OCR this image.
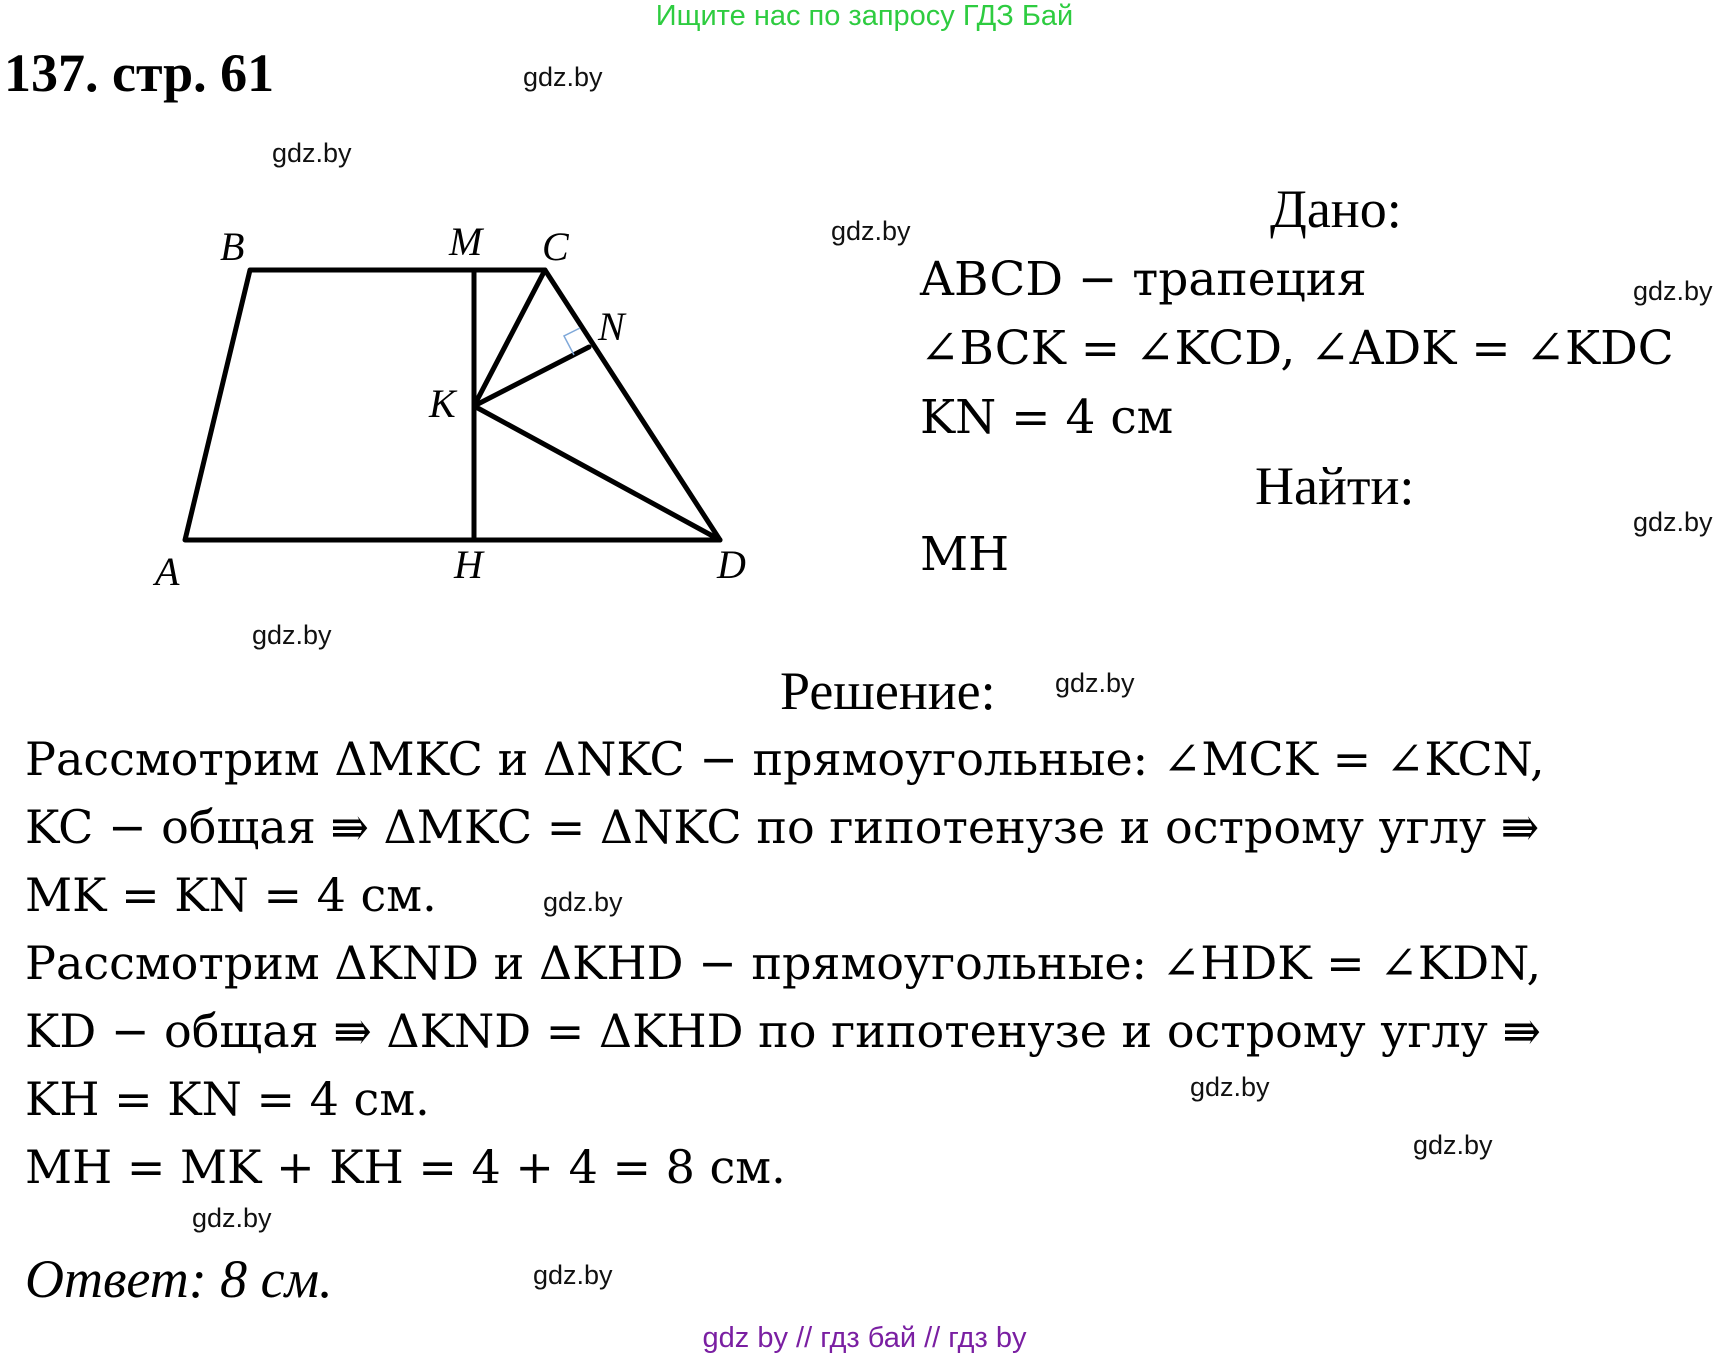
Ищите нас по запросу ГДЗ Бай
137. стр. 61	gdz.by
gdz.by
gdz.by
gdz.by
gdz.by
gdz.by
gdz.by
gdz.by
gdz.by
gdz.by
gdz.by
gdz.by
B	M C
N
K
A	H	D
Дано:
ABCD − трапеция
∠BCK = ∠KCD, ∠ADK = ∠KDC
KN = 4 см
Найти:
MH
Решение:
Рассмотрим ΔMKC и ΔNKC − прямоугольные: ∠MCK = ∠KCN,
KC − общая ⇛ ΔMKC = ΔNKC по гипотенузе и острому углу ⇛
MK = KN = 4 см.
Рассмотрим ΔKND и ΔKHD − прямоугольные: ∠HDK = ∠KDN,
KD − общая ⇛ ΔKND = ΔKHD по гипотенузе и острому углу ⇛
KH = KN = 4 см.
MH = MK + KH = 4 + 4 = 8 см.
Ответ: 8 см.
gdz by // гдз бай // гдз by
